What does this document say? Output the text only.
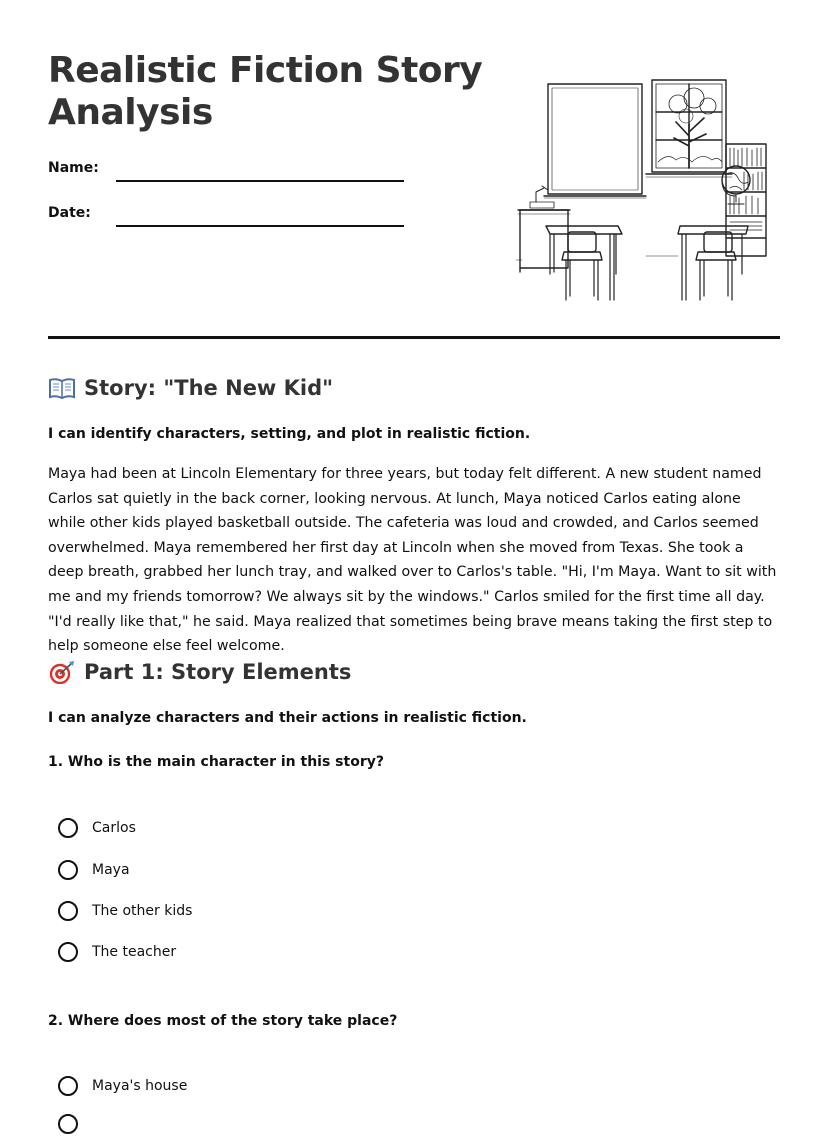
Realistic Fiction Story
Analysis
Name:
Date:
Story: "The New Kid"
I can identify characters, setting, and plot in realistic fiction.

Maya had been at Lincoln Elementary for three years, but today felt different. A new student named Carlos sat quietly in the back corner, looking nervous. At lunch, Maya noticed Carlos eating alone while other kids played basketball outside. The cafeteria was loud and crowded, and Carlos seemed overwhelmed. Maya remembered her first day at Lincoln when she moved from Texas. She took a deep breath, grabbed her lunch tray, and walked over to Carlos's table. "Hi, I'm Maya. Want to sit with me and my friends tomorrow? We always sit by the windows." Carlos smiled for the first time all day. "I'd really like that," he said. Maya realized that sometimes being brave means taking the first step to help someone else feel welcome.

Part 1: Story Elements
I can analyze characters and their actions in realistic fiction.
1. Who is the main character in this story?
Carlos
Maya
The other kids
The teacher
2. Where does most of the story take place?
Maya's house
